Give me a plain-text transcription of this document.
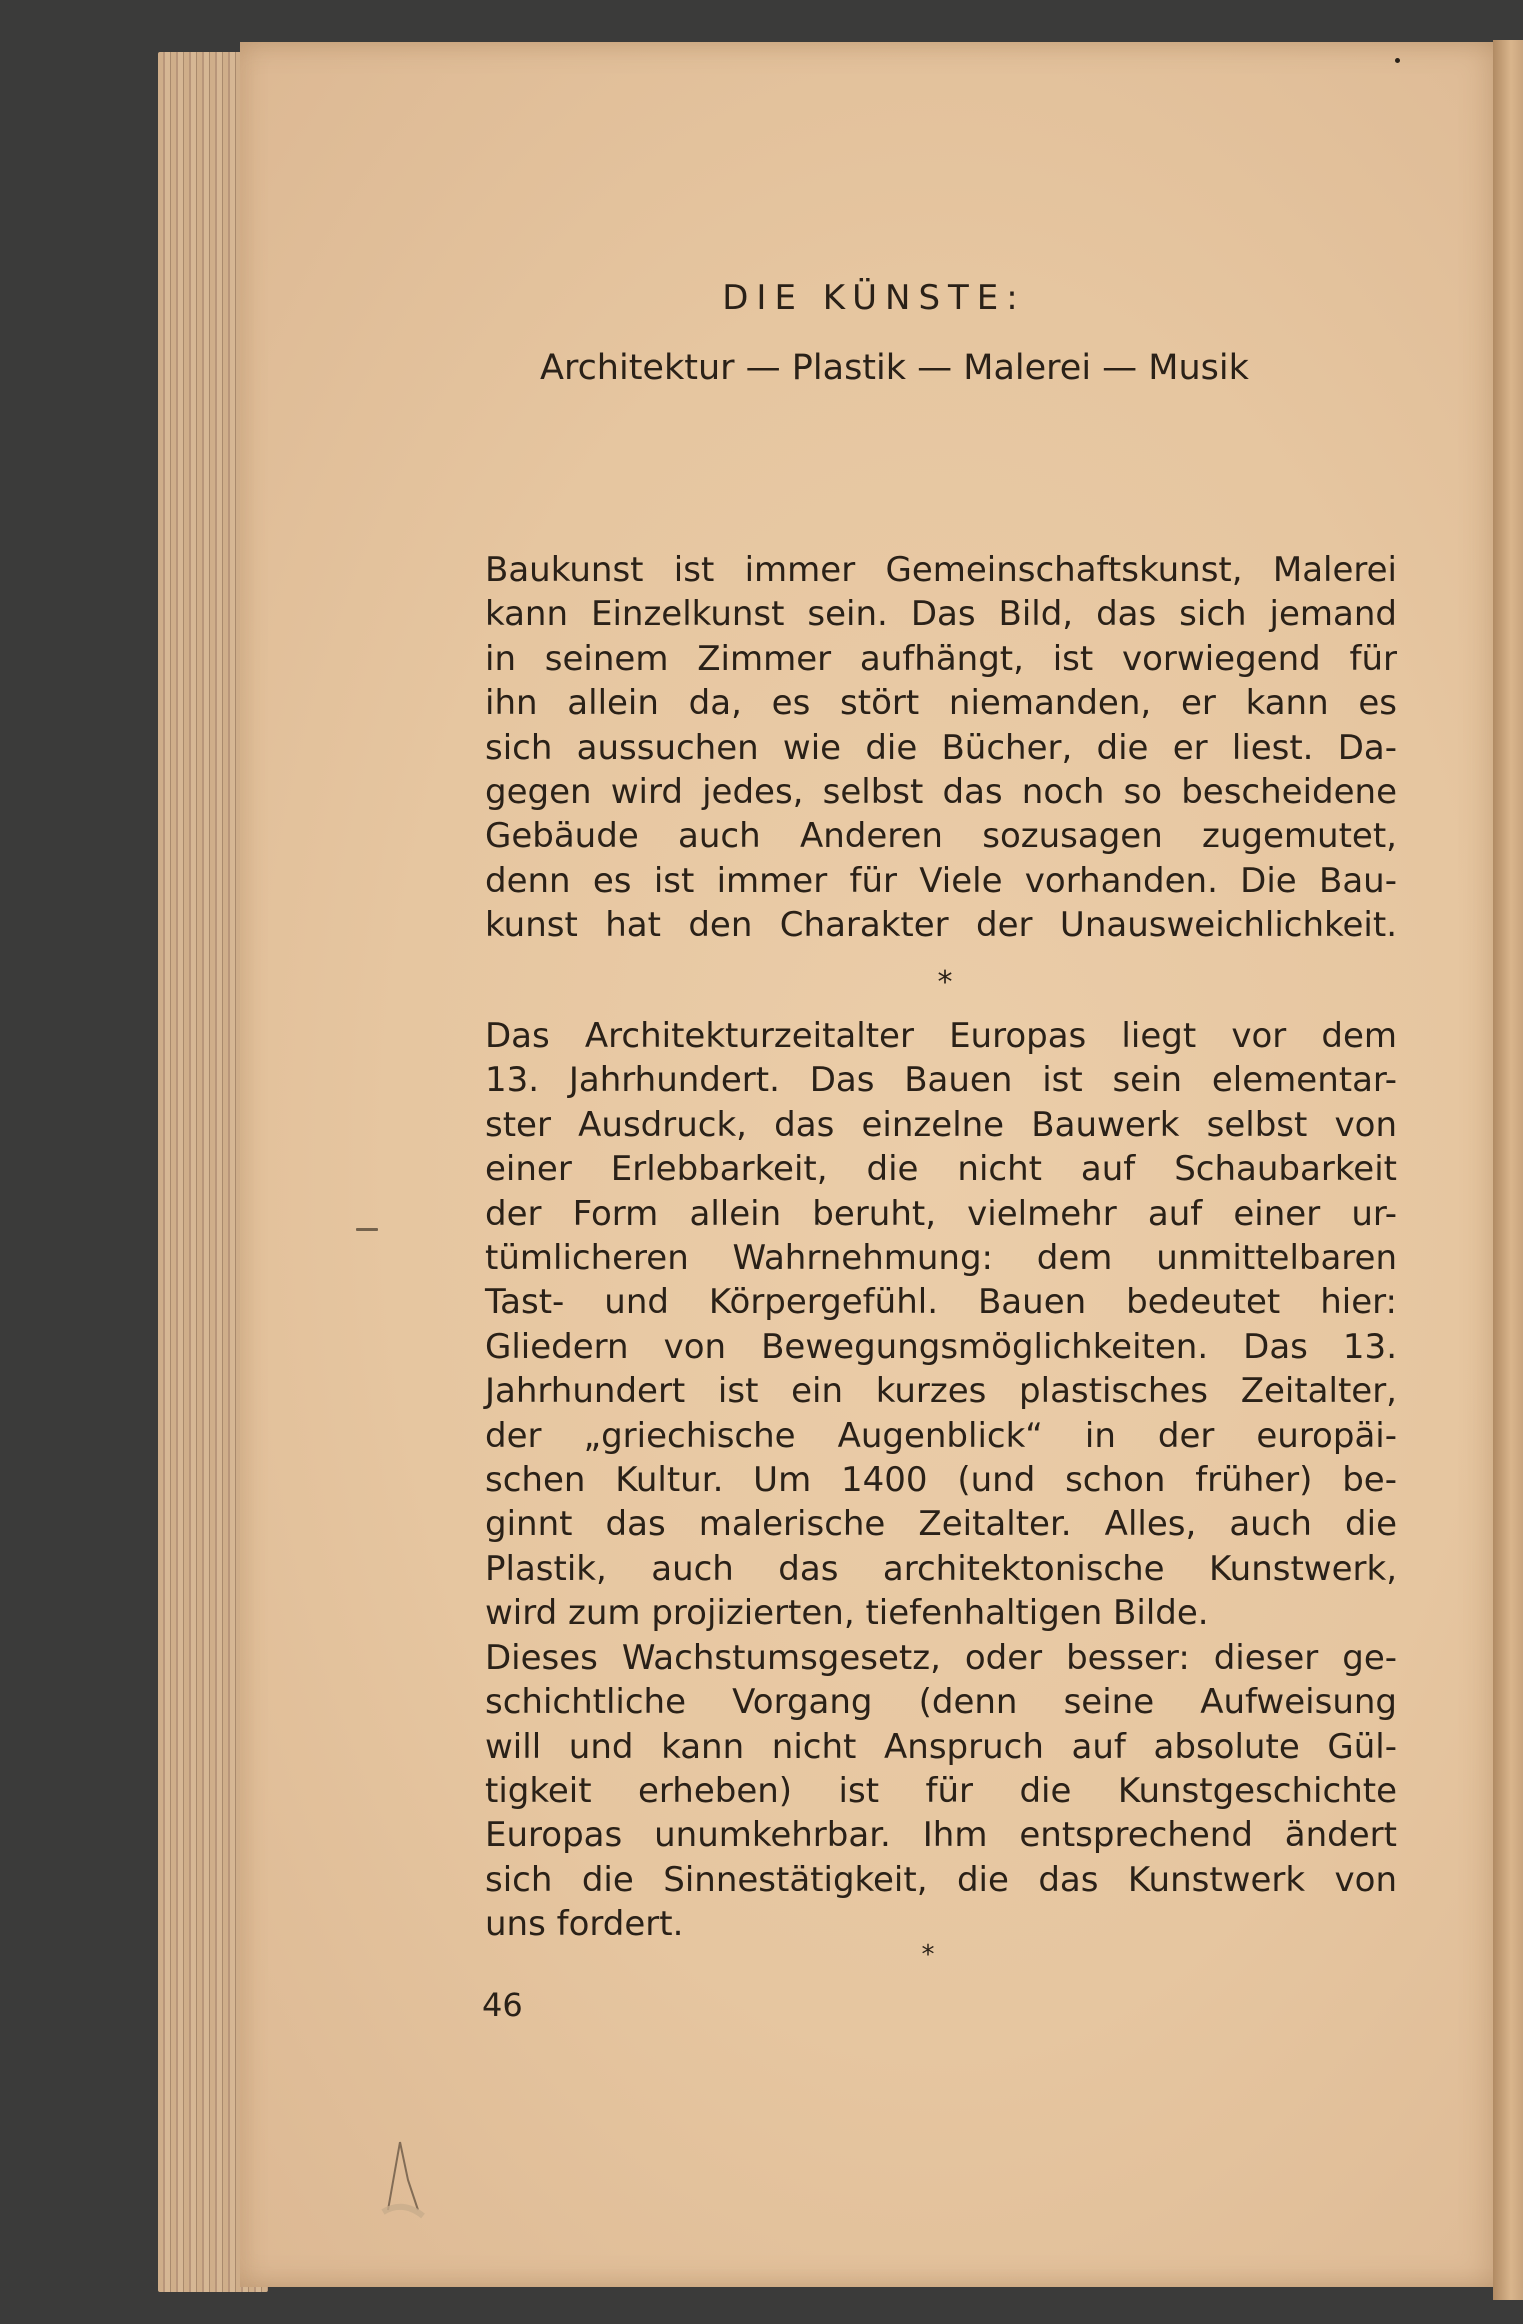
DIE KÜNSTE:
Architektur — Plastik — Malerei — Musik
Baukunst ist immer Gemeinschaftskunst, Malerei
kann Einzelkunst sein. Das Bild, das sich jemand
in seinem Zimmer aufhängt, ist vorwiegend für
ihn allein da, es stört niemanden, er kann es
sich aussuchen wie die Bücher, die er liest. Da-
gegen wird jedes, selbst das noch so bescheidene
Gebäude auch Anderen sozusagen zugemutet,
denn es ist immer für Viele vorhanden. Die Bau-
kunst hat den Charakter der Unausweichlichkeit.
*
Das Architekturzeitalter Europas liegt vor dem
13. Jahrhundert. Das Bauen ist sein elementar-
ster Ausdruck, das einzelne Bauwerk selbst von
einer Erlebbarkeit, die nicht auf Schaubarkeit
der Form allein beruht, vielmehr auf einer ur-
tümlicheren Wahrnehmung: dem unmittelbaren
Tast- und Körpergefühl. Bauen bedeutet hier:
Gliedern von Bewegungsmöglichkeiten. Das 13.
Jahrhundert ist ein kurzes plastisches Zeitalter,
der „griechische Augenblick“ in der europäi-
schen Kultur. Um 1400 (und schon früher) be-
ginnt das malerische Zeitalter. Alles, auch die
Plastik, auch das architektonische Kunstwerk,
wird zum projizierten, tiefenhaltigen Bilde.
Dieses Wachstumsgesetz, oder besser: dieser ge-
schichtliche Vorgang (denn seine Aufweisung
will und kann nicht Anspruch auf absolute Gül-
tigkeit erheben) ist für die Kunstgeschichte
Europas unumkehrbar. Ihm entsprechend ändert
sich die Sinnestätigkeit, die das Kunstwerk von
uns fordert.
*
46
